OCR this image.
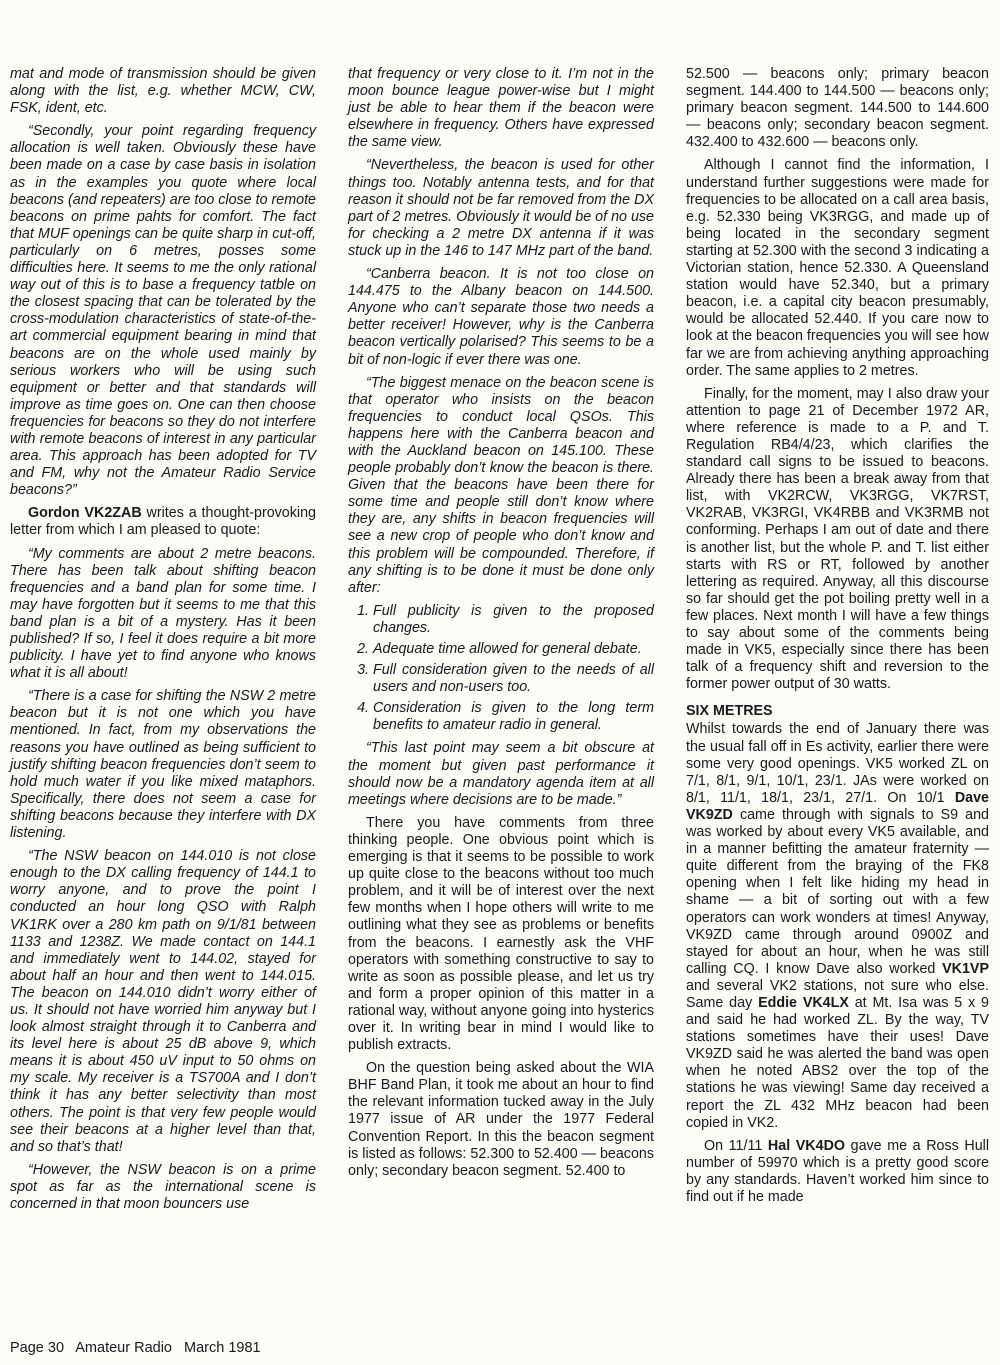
mat and mode of transmission should be given along with the list, e.g. whether MCW, CW, FSK, ident, etc.

“Secondly, your point regarding frequency allocation is well taken. Obviously these have been made on a case by case basis in isolation as in the examples you quote where local beacons (and repeaters) are too close to remote beacons on prime pahts for comfort. The fact that MUF openings can be quite sharp in cut-off, particularly on 6 metres, posses some difficulties here. It seems to me the only rational way out of this is to base a frequency tatble on the closest spacing that can be tolerated by the cross-modulation characteristics of state-of-the-art commercial equipment bearing in mind that beacons are on the whole used mainly by serious workers who will be using such equipment or better and that standards will improve as time goes on. One can then choose frequencies for beacons so they do not interfere with remote beacons of interest in any particular area. This approach has been adopted for TV and FM, why not the Amateur Radio Service beacons?”

Gordon VK2ZAB writes a thought-provoking letter from which I am pleased to quote:

“My comments are about 2 metre beacons. There has been talk about shifting beacon frequencies and a band plan for some time. I may have forgotten but it seems to me that this band plan is a bit of a mystery. Has it been published? If so, I feel it does require a bit more publicity. I have yet to find anyone who knows what it is all about!

“There is a case for shifting the NSW 2 metre beacon but it is not one which you have mentioned. In fact, from my observations the reasons you have outlined as being sufficient to justify shifting beacon frequencies don’t seem to hold much water if you like mixed mataphors. Specifically, there does not seem a case for shifting beacons because they interfere with DX listening.

“The NSW beacon on 144.010 is not close enough to the DX calling frequency of 144.1 to worry anyone, and to prove the point I conducted an hour long QSO with Ralph VK1RK over a 280 km path on 9/1/81 between 1133 and 1238Z. We made contact on 144.1 and immediately went to 144.02, stayed for about half an hour and then went to 144.015. The beacon on 144.010 didn’t worry either of us. It should not have worried him anyway but I look almost straight through it to Canberra and its level here is about 25 dB above 9, which means it is about 450 uV input to 50 ohms on my scale. My receiver is a TS700A and I don’t think it has any better selectivity than most others. The point is that very few people would see their beacons at a higher level than that, and so that’s that!

“However, the NSW beacon is on a prime spot as far as the international scene is concerned in that moon bouncers use

that frequency or very close to it. I’m not in the moon bounce league power-wise but I might just be able to hear them if the beacon were elsewhere in frequency. Others have expressed the same view.

“Nevertheless, the beacon is used for other things too. Notably antenna tests, and for that reason it should not be far removed from the DX part of 2 metres. Obviously it would be of no use for checking a 2 metre DX antenna if it was stuck up in the 146 to 147 MHz part of the band.

“Canberra beacon. It is not too close on 144.475 to the Albany beacon on 144.500. Anyone who can’t separate those two needs a better receiver! However, why is the Canberra beacon vertically polarised? This seems to be a bit of non-logic if ever there was one.

“The biggest menace on the beacon scene is that operator who insists on the beacon frequencies to conduct local QSOs. This happens here with the Canberra beacon and with the Auckland beacon on 145.100. These people probably don’t know the beacon is there. Given that the beacons have been there for some time and people still don’t know where they are, any shifts in beacon frequencies will see a new crop of people who don’t know and this problem will be compounded. Therefore, if any shifting is to be done it must be done only after:

1. Full publicity is given to the proposed changes.
2. Adequate time allowed for general debate.
3. Full consideration given to the needs of all users and non-users too.
4. Consideration is given to the long term benefits to amateur radio in general.

“This last point may seem a bit obscure at the moment but given past performance it should now be a mandatory agenda item at all meetings where decisions are to be made.”

There you have comments from three thinking people. One obvious point which is emerging is that it seems to be possible to work up quite close to the beacons without too much problem, and it will be of interest over the next few months when I hope others will write to me outlining what they see as problems or benefits from the beacons. I earnestly ask the VHF operators with something constructive to say to write as soon as possible please, and let us try and form a proper opinion of this matter in a rational way, without anyone going into hysterics over it. In writing bear in mind I would like to publish extracts.

On the question being asked about the WIA BHF Band Plan, it took me about an hour to find the relevant information tucked away in the July 1977 issue of AR under the 1977 Federal Convention Report. In this the beacon segment is listed as follows: 52.300 to 52.400 — beacons only; secondary beacon segment. 52.400 to

52.500 — beacons only; primary beacon segment. 144.400 to 144.500 — beacons only; primary beacon segment. 144.500 to 144.600 — beacons only; secondary beacon segment. 432.400 to 432.600 — beacons only.

Although I cannot find the information, I understand further suggestions were made for frequencies to be allocated on a call area basis, e.g. 52.330 being VK3RGG, and made up of being located in the secondary segment starting at 52.300 with the second 3 indicating a Victorian station, hence 52.330. A Queensland station would have 52.340, but a primary beacon, i.e. a capital city beacon presumably, would be allocated 52.440. If you care now to look at the beacon frequencies you will see how far we are from achieving anything approaching order. The same applies to 2 metres.

Finally, for the moment, may I also draw your attention to page 21 of December 1972 AR, where reference is made to a P. and T. Regulation RB4/4/23, which clarifies the standard call signs to be issued to beacons. Already there has been a break away from that list, with VK2RCW, VK3RGG, VK7RST, VK2RAB, VK3RGI, VK4RBB and VK3RMB not conforming. Perhaps I am out of date and there is another list, but the whole P. and T. list either starts with RS or RT, followed by another lettering as required. Anyway, all this discourse so far should get the pot boiling pretty well in a few places. Next month I will have a few things to say about some of the comments being made in VK5, especially since there has been talk of a frequency shift and reversion to the former power output of 30 watts.

SIX METRES

Whilst towards the end of January there was the usual fall off in Es activity, earlier there were some very good openings. VK5 worked ZL on 7/1, 8/1, 9/1, 10/1, 23/1. JAs were worked on 8/1, 11/1, 18/1, 23/1, 27/1. On 10/1 Dave VK9ZD came through with signals to S9 and was worked by about every VK5 available, and in a manner befitting the amateur fraternity — quite different from the braying of the FK8 opening when I felt like hiding my head in shame — a bit of sorting out with a few operators can work wonders at times! Anyway, VK9ZD came through around 0900Z and stayed for about an hour, when he was still calling CQ. I know Dave also worked VK1VP and several VK2 stations, not sure who else. Same day Eddie VK4LX at Mt. Isa was 5 x 9 and said he had worked ZL. By the way, TV stations sometimes have their uses! Dave VK9ZD said he was alerted the band was open when he noted ABS2 over the top of the stations he was viewing! Same day received a report the ZL 432 MHz beacon had been copied in VK2.

On 11/11 Hal VK4DO gave me a Ross Hull number of 59970 which is a pretty good score by any standards. Haven’t worked him since to find out if he made

Page 30 Amateur Radio March 1981
